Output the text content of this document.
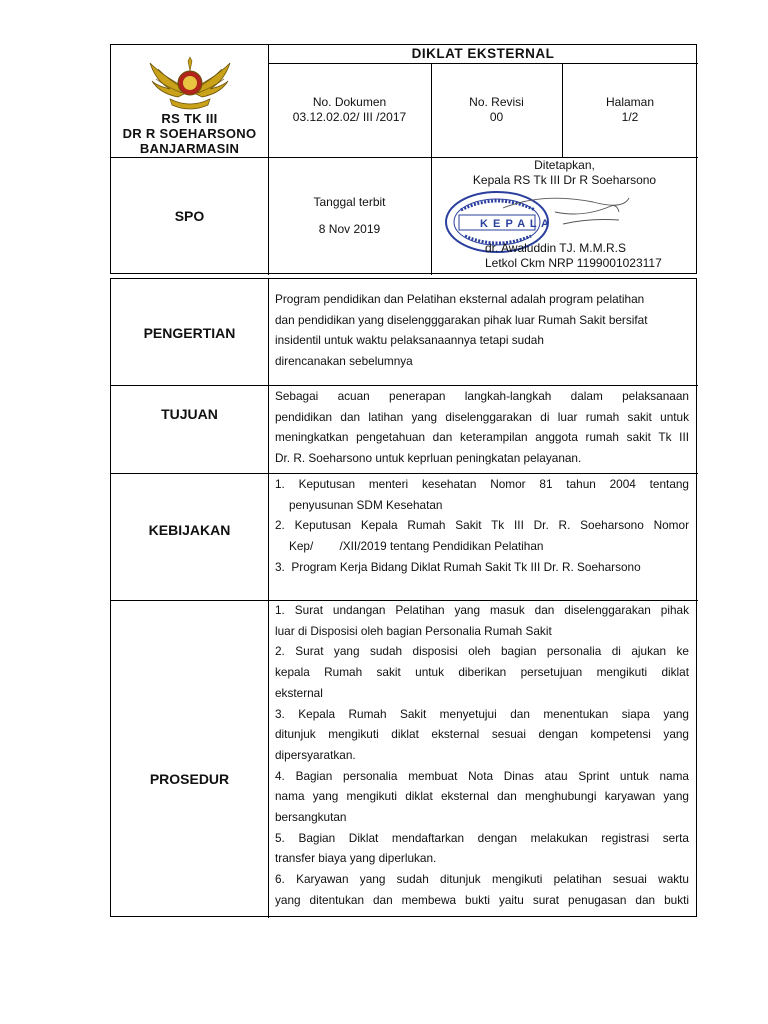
RS TK III
DR R SOEHARSONO
BANJARMASIN
DIKLAT EKSTERNAL
No. Dokumen
03.12.02.02/ III /2017
No. Revisi
00
Halaman
1/2
SPO
Tanggal terbit
8 Nov 2019
Ditetapkan,
Kepala RS Tk III Dr R Soeharsono
K E P A L A
dr. Awaluddin TJ. M.M.R.S
Letkol Ckm NRP 1199001023117
PENGERTIAN
Program pendidikan dan Pelatihan eksternal adalah program pelatihan
dan pendidikan yang diselengggarakan pihak luar Rumah Sakit bersifat
insidentil untuk waktu pelaksanaannya tetapi sudah
direncanakan sebelumnya
TUJUAN
Sebagai acuan penerapan langkah-langkah dalam pelaksanaan
pendidikan dan latihan yang diselenggarakan di luar rumah sakit untuk
meningkatkan pengetahuan dan keterampilan anggota rumah sakit Tk III
Dr. R. Soeharsono untuk keprluan peningkatan pelayanan.
KEBIJAKAN
1. Keputusan menteri kesehatan Nomor 81 tahun 2004 tentang
penyusunan SDM Kesehatan
2. Keputusan Kepala Rumah Sakit Tk III Dr. R. Soeharsono Nomor
Kep/        /XII/2019 tentang Pendidikan Pelatihan
3.  Program Kerja Bidang Diklat Rumah Sakit Tk III Dr. R. Soeharsono
PROSEDUR
1. Surat undangan Pelatihan yang masuk dan diselenggarakan pihak
luar di Disposisi oleh bagian Personalia Rumah Sakit
2. Surat yang sudah disposisi oleh bagian personalia di ajukan ke
kepala Rumah sakit untuk diberikan persetujuan mengikuti diklat
eksternal
3. Kepala Rumah Sakit menyetujui dan menentukan siapa yang
ditunjuk mengikuti diklat eksternal sesuai dengan kompetensi yang
dipersyaratkan.
4. Bagian personalia membuat Nota Dinas atau Sprint untuk nama
nama yang mengikuti diklat eksternal dan menghubungi karyawan yang
bersangkutan
5. Bagian Diklat mendaftarkan dengan melakukan registrasi serta
transfer biaya yang diperlukan.
6. Karyawan yang sudah ditunjuk mengikuti pelatihan sesuai waktu
yang ditentukan dan membewa bukti yaitu surat penugasan dan bukti
